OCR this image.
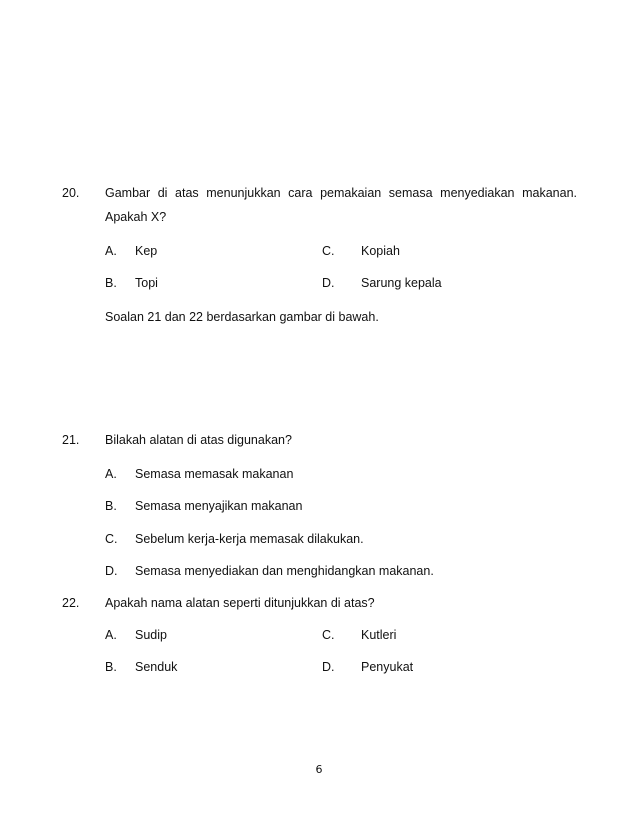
20. Gambar di atas menunjukkan cara pemakaian semasa menyediakan makanan.
Apakah X?
A. Kep	C. Kopiah
B. Topi	D. Sarung kepala
Soalan 21 dan 22 berdasarkan gambar di bawah.
21. Bilakah alatan di atas digunakan?
A. Semasa memasak makanan
B. Semasa menyajikan makanan
C. Sebelum kerja-kerja memasak dilakukan.
D. Semasa menyediakan dan menghidangkan makanan.
22. Apakah nama alatan seperti ditunjukkan di atas?
A. Sudip	C. Kutleri
B. Senduk	D. Penyukat
6
